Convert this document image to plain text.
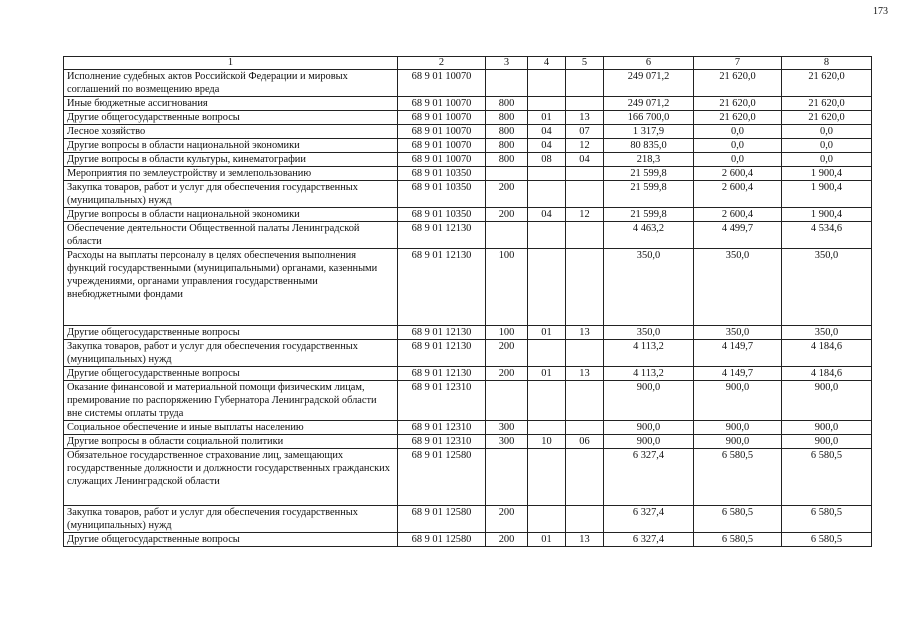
173
1	2	3	4	5	6	7	8
Исполнение судебных актов Российской Федерации и мировых соглашений по возмещению вреда	68 9 01 10070				249 071,2	21 620,0	21 620,0
Иные бюджетные ассигнования	68 9 01 10070	800			249 071,2	21 620,0	21 620,0
Другие общегосударственные вопросы	68 9 01 10070	800	01	13	166 700,0	21 620,0	21 620,0
Лесное хозяйство	68 9 01 10070	800	04	07	1 317,9	0,0	0,0
Другие вопросы в области национальной экономики	68 9 01 10070	800	04	12	80 835,0	0,0	0,0
Другие вопросы в области культуры, кинематографии	68 9 01 10070	800	08	04	218,3	0,0	0,0
Мероприятия по землеустройству и землепользованию	68 9 01 10350				21 599,8	2 600,4	1 900,4
Закупка товаров, работ и услуг для обеспечения государственных (муниципальных) нужд	68 9 01 10350	200			21 599,8	2 600,4	1 900,4
Другие вопросы в области национальной экономики	68 9 01 10350	200	04	12	21 599,8	2 600,4	1 900,4
Обеспечение деятельности Общественной палаты Ленинградской области	68 9 01 12130				4 463,2	4 499,7	4 534,6
Расходы на выплаты персоналу в целях обеспечения выполнения функций государственными (муниципальными) органами, казенными учреждениями, органами управления государственными внебюджетными фондами	68 9 01 12130	100			350,0	350,0	350,0
Другие общегосударственные вопросы	68 9 01 12130	100	01	13	350,0	350,0	350,0
Закупка товаров, работ и услуг для обеспечения государственных (муниципальных) нужд	68 9 01 12130	200			4 113,2	4 149,7	4 184,6
Другие общегосударственные вопросы	68 9 01 12130	200	01	13	4 113,2	4 149,7	4 184,6
Оказание финансовой и материальной помощи физическим лицам, премирование по распоряжению Губернатора Ленинградской области вне системы оплаты труда	68 9 01 12310				900,0	900,0	900,0
Социальное обеспечение и иные выплаты населению	68 9 01 12310	300			900,0	900,0	900,0
Другие вопросы в области социальной политики	68 9 01 12310	300	10	06	900,0	900,0	900,0
Обязательное государственное страхование лиц, замещающих государственные должности и должности государственных гражданских служащих Ленинградской области	68 9 01 12580				6 327,4	6 580,5	6 580,5
Закупка товаров, работ и услуг для обеспечения государственных (муниципальных) нужд	68 9 01 12580	200			6 327,4	6 580,5	6 580,5
Другие общегосударственные вопросы	68 9 01 12580	200	01	13	6 327,4	6 580,5	6 580,5
